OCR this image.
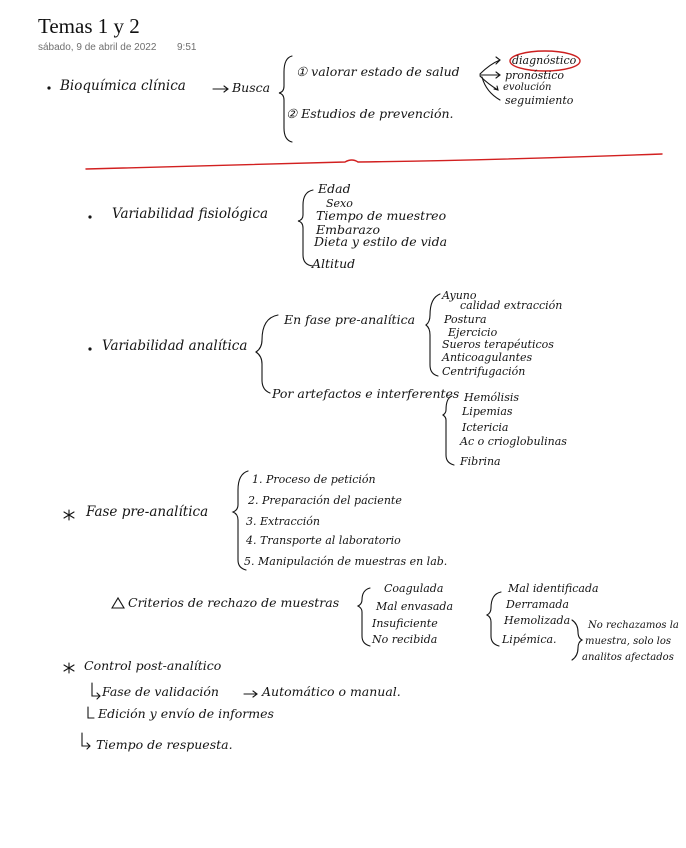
Temas 1 y 2
sábado, 9 de abril de 2022 9:51
Bioquímica clínica	Busca
① valorar estado de salud
② Estudios de prevención.
diagnóstico
pronóstico
evolución
seguimiento
Variabilidad fisiológica
Edad
Sexo
Tiempo de muestreo
Embarazo
Dieta y estilo de vida
Altitud
Variabilidad analítica
En fase pre-analítica
Ayuno
calidad extracción
Postura
Ejercicio
Sueros terapéuticos
Anticoagulantes
Centrifugación
Por artefactos e interferentes Hemólisis
Lipemias
Ictericia
Ac o crioglobulinas
Fibrina
Fase pre-analítica
1. Proceso de petición
2. Preparación del paciente
3. Extracción
4. Transporte al laboratorio
5. Manipulación de muestras en lab.
Criterios de rechazo de muestras
Coagulada
Mal envasada
Insuficiente
No recibida
Mal identificada
Derramada
Hemolizada
Lipémica.
No rechazamos la
muestra, solo los
analitos afectados
Control post-analítico
Fase de validación	Automático o manual.
Edición y envío de informes
Tiempo de respuesta.
